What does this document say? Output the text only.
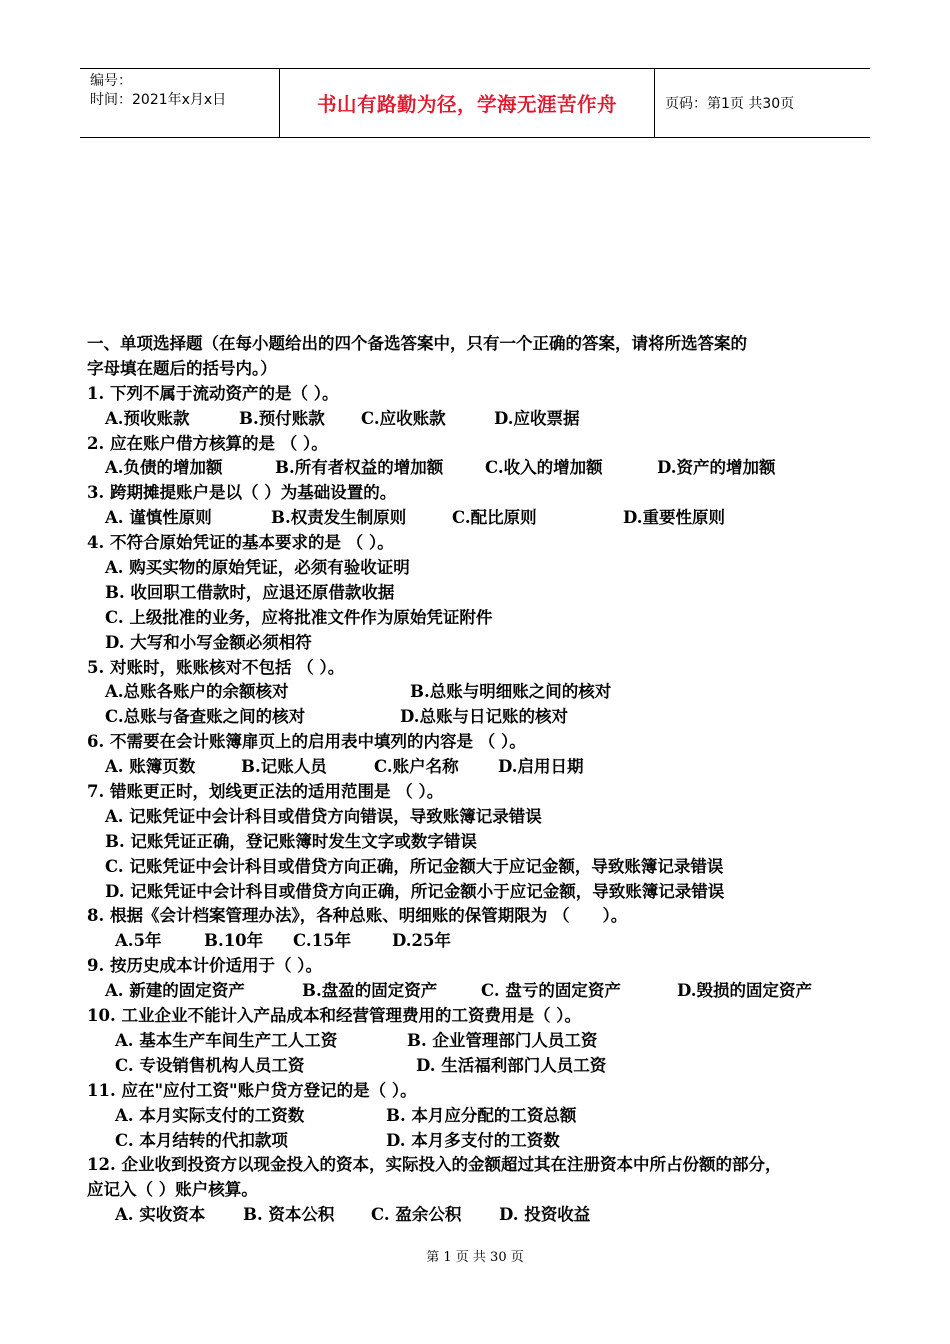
编号：
时间：2021年x月x日	书山有路勤为径，学海无涯苦作舟	页码：第1页 共30页
一、单项选择题（在每小题给出的四个备选答案中，只有一个正确的答案，请将所选答案的
字母填在题后的括号内。）
1. 下列不属于流动资产的是（ ）。
A.预收账款	B.预付账款 C.应收账款	D.应收票据
2. 应在账户借方核算的是 （ ）。
A.负债的增加额	B.所有者权益的增加额	C.收入的增加额	D.资产的增加额
3. 跨期摊提账户是以（ ）为基础设置的。
A. 谨慎性原则	B.权责发生制原则	C.配比原则	D.重要性原则
4. 不符合原始凭证的基本要求的是 （ ）。
A. 购买实物的原始凭证，必须有验收证明
B. 收回职工借款时，应退还原借款收据
C. 上级批准的业务，应将批准文件作为原始凭证附件
D. 大写和小写金额必须相符
5. 对账时，账账核对不包括 （ ）。
A.总账各账户的余额核对	B.总账与明细账之间的核对
C.总账与备查账之间的核对	D.总账与日记账的核对
6. 不需要在会计账簿扉页上的启用表中填列的内容是 （ ）。
A. 账簿页数	B.记账人员	C.账户名称 D.启用日期
7. 错账更正时，划线更正法的适用范围是 （ ）。
A. 记账凭证中会计科目或借贷方向错误，导致账簿记录错误
B. 记账凭证正确，登记账簿时发生文字或数字错误
C. 记账凭证中会计科目或借贷方向正确，所记金额大于应记金额，导致账簿记录错误
D. 记账凭证中会计科目或借贷方向正确，所记金额小于应记金额，导致账簿记录错误
8. 根据《会计档案管理办法》，各种总账、明细账的保管期限为 （　　）。
A.5年	B.10年 C.15年 D.25年
9. 按历史成本计价适用于（ ）。
A. 新建的固定资产	B.盘盈的固定资产	C. 盘亏的固定资产	D.毁损的固定资产
10. 工业企业不能计入产品成本和经营管理费用的工资费用是（ ）。
A. 基本生产车间生产工人工资	B. 企业管理部门人员工资
C. 专设销售机构人员工资	D. 生活福利部门人员工资
11. 应在"应付工资"账户贷方登记的是（ ）。
A. 本月实际支付的工资数	B. 本月应分配的工资总额
C. 本月结转的代扣款项	D. 本月多支付的工资数
12. 企业收到投资方以现金投入的资本，实际投入的金额超过其在注册资本中所占份额的部分，
应记入（ ）账户核算。
A. 实收资本 B. 资本公积 C. 盈余公积 D. 投资收益
第 1 页 共 30 页
